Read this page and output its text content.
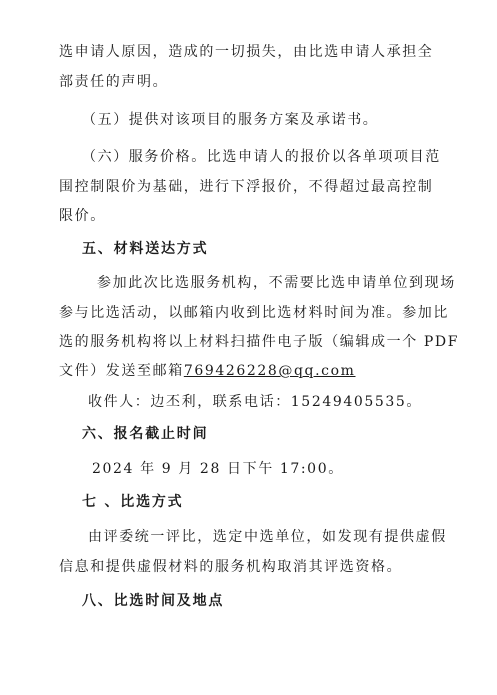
选申请人原因，造成的一切损失，由比选申请人承担全
部责任的声明。
（五）提供对该项目的服务方案及承诺书。
（六）服务价格。比选申请人的报价以各单项项目范
围控制限价为基础，进行下浮报价，不得超过最高控制
限价。
五、材料送达方式
参加此次比选服务机构，不需要比选申请单位到现场
参与比选活动，以邮箱内收到比选材料时间为准。参加比
选的服务机构将以上材料扫描件电子版（编辑成一个 PDF
文件）发送至邮箱769426228@qq.com
收件人：边丕利，联系电话：15249405535。
六、报名截止时间
2024 年 9 月 28 日下午 17:00。
七 、比选方式
由评委统一评比，选定中选单位，如发现有提供虚假
信息和提供虚假材料的服务机构取消其评选资格。
八、比选时间及地点
